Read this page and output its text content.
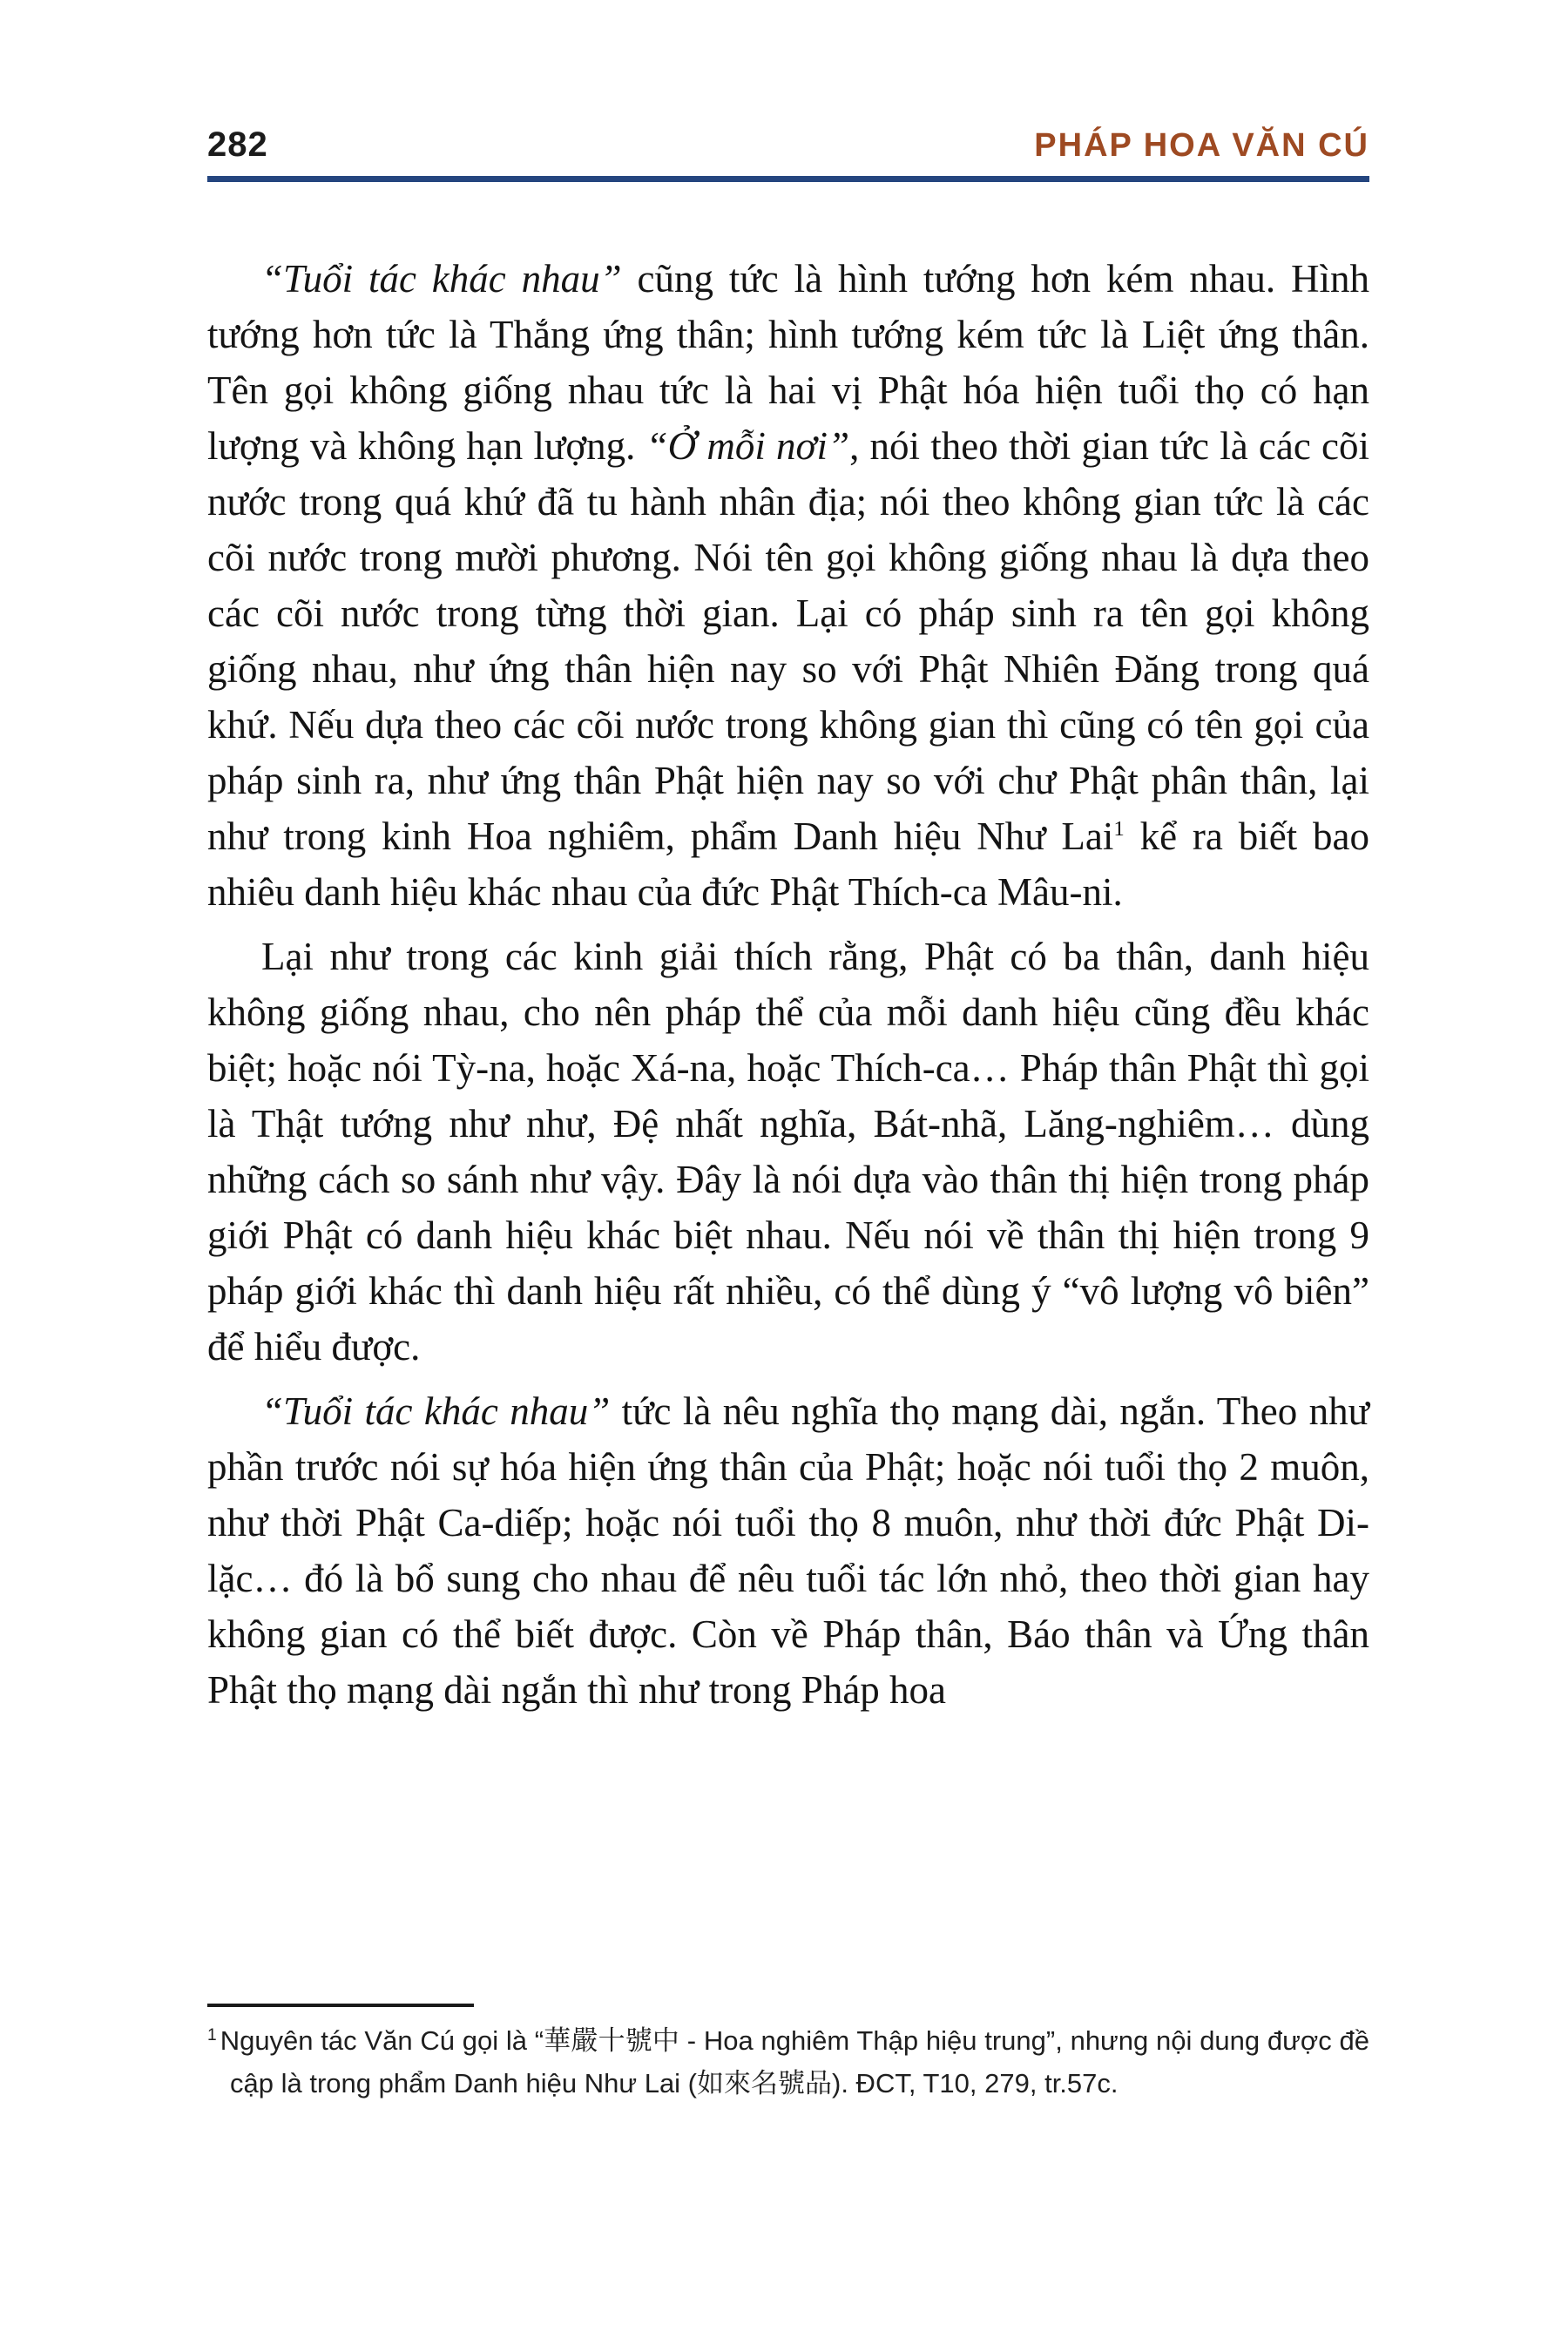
282	PHÁP HOA VĂN CÚ

“Tuổi tác khác nhau” cũng tức là hình tướng hơn kém nhau. Hình tướng hơn tức là Thắng ứng thân; hình tướng kém tức là Liệt ứng thân. Tên gọi không giống nhau tức là hai vị Phật hóa hiện tuổi thọ có hạn lượng và không hạn lượng. “Ở mỗi nơi”, nói theo thời gian tức là các cõi nước trong quá khứ đã tu hành nhân địa; nói theo không gian tức là các cõi nước trong mười phương. Nói tên gọi không giống nhau là dựa theo các cõi nước trong từng thời gian. Lại có pháp sinh ra tên gọi không giống nhau, như ứng thân hiện nay so với Phật Nhiên Đăng trong quá khứ. Nếu dựa theo các cõi nước trong không gian thì cũng có tên gọi của pháp sinh ra, như ứng thân Phật hiện nay so với chư Phật phân thân, lại như trong kinh Hoa nghiêm, phẩm Danh hiệu Như Lai$^1$ kể ra biết bao nhiêu danh hiệu khác nhau của đức Phật Thích-ca Mâu-ni.

Lại như trong các kinh giải thích rằng, Phật có ba thân, danh hiệu không giống nhau, cho nên pháp thể của mỗi danh hiệu cũng đều khác biệt; hoặc nói Tỳ-na, hoặc Xá-na, hoặc Thích-ca… Pháp thân Phật thì gọi là Thật tướng như như, Đệ nhất nghĩa, Bát-nhã, Lăng-nghiêm… dùng những cách so sánh như vậy. Đây là nói dựa vào thân thị hiện trong pháp giới Phật có danh hiệu khác biệt nhau. Nếu nói về thân thị hiện trong 9 pháp giới khác thì danh hiệu rất nhiều, có thể dùng ý “vô lượng vô biên” để hiểu được.

“Tuổi tác khác nhau” tức là nêu nghĩa thọ mạng dài, ngắn. Theo như phần trước nói sự hóa hiện ứng thân của Phật; hoặc nói tuổi thọ 2 muôn, như thời Phật Ca-diếp; hoặc nói tuổi thọ 8 muôn, như thời đức Phật Di-lặc… đó là bổ sung cho nhau để nêu tuổi tác lớn nhỏ, theo thời gian hay không gian có thể biết được. Còn về Pháp thân, Báo thân và Ứng thân Phật thọ mạng dài ngắn thì như trong Pháp hoa

$^1$ Nguyên tác Văn Cú gọi là “華嚴十號中 - Hoa nghiêm Thập hiệu trung”, nhưng nội dung được đề cập là trong phẩm Danh hiệu Như Lai (如來名號品). ĐCT, T10, 279, tr.57c.
